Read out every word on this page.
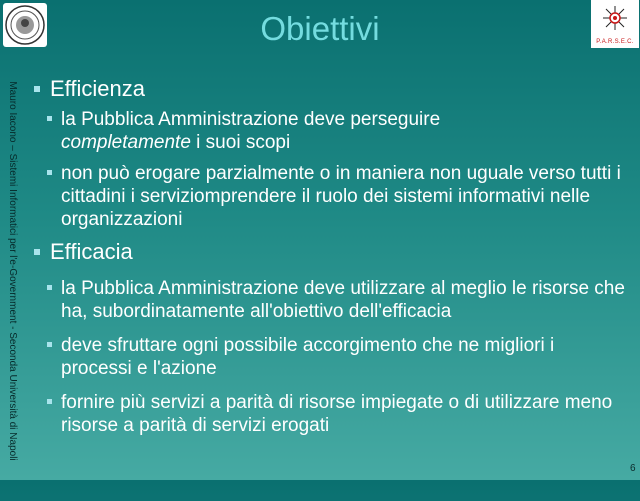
Obiettivi	P.A.R.S.E.C.
Mauro Iacono – Sistemi Informatici per l'e-Government - Seconda Università di Napoli	Efficienza
la Pubblica Amministrazione deve perseguire
completamente i suoi scopi
non può erogare parzialmente o in maniera non uguale verso tutti i cittadini i serviziomprendere il ruolo dei sistemi informativi nelle organizzazioni
Efficacia
la Pubblica Amministrazione deve utilizzare al meglio le risorse che ha, subordinatamente all'obiettivo dell'efficacia
deve sfruttare ogni possibile accorgimento che ne migliori i processi e l'azione
fornire più servizi a parità di risorse impiegate o di utilizzare meno risorse a parità di servizi erogati
6
